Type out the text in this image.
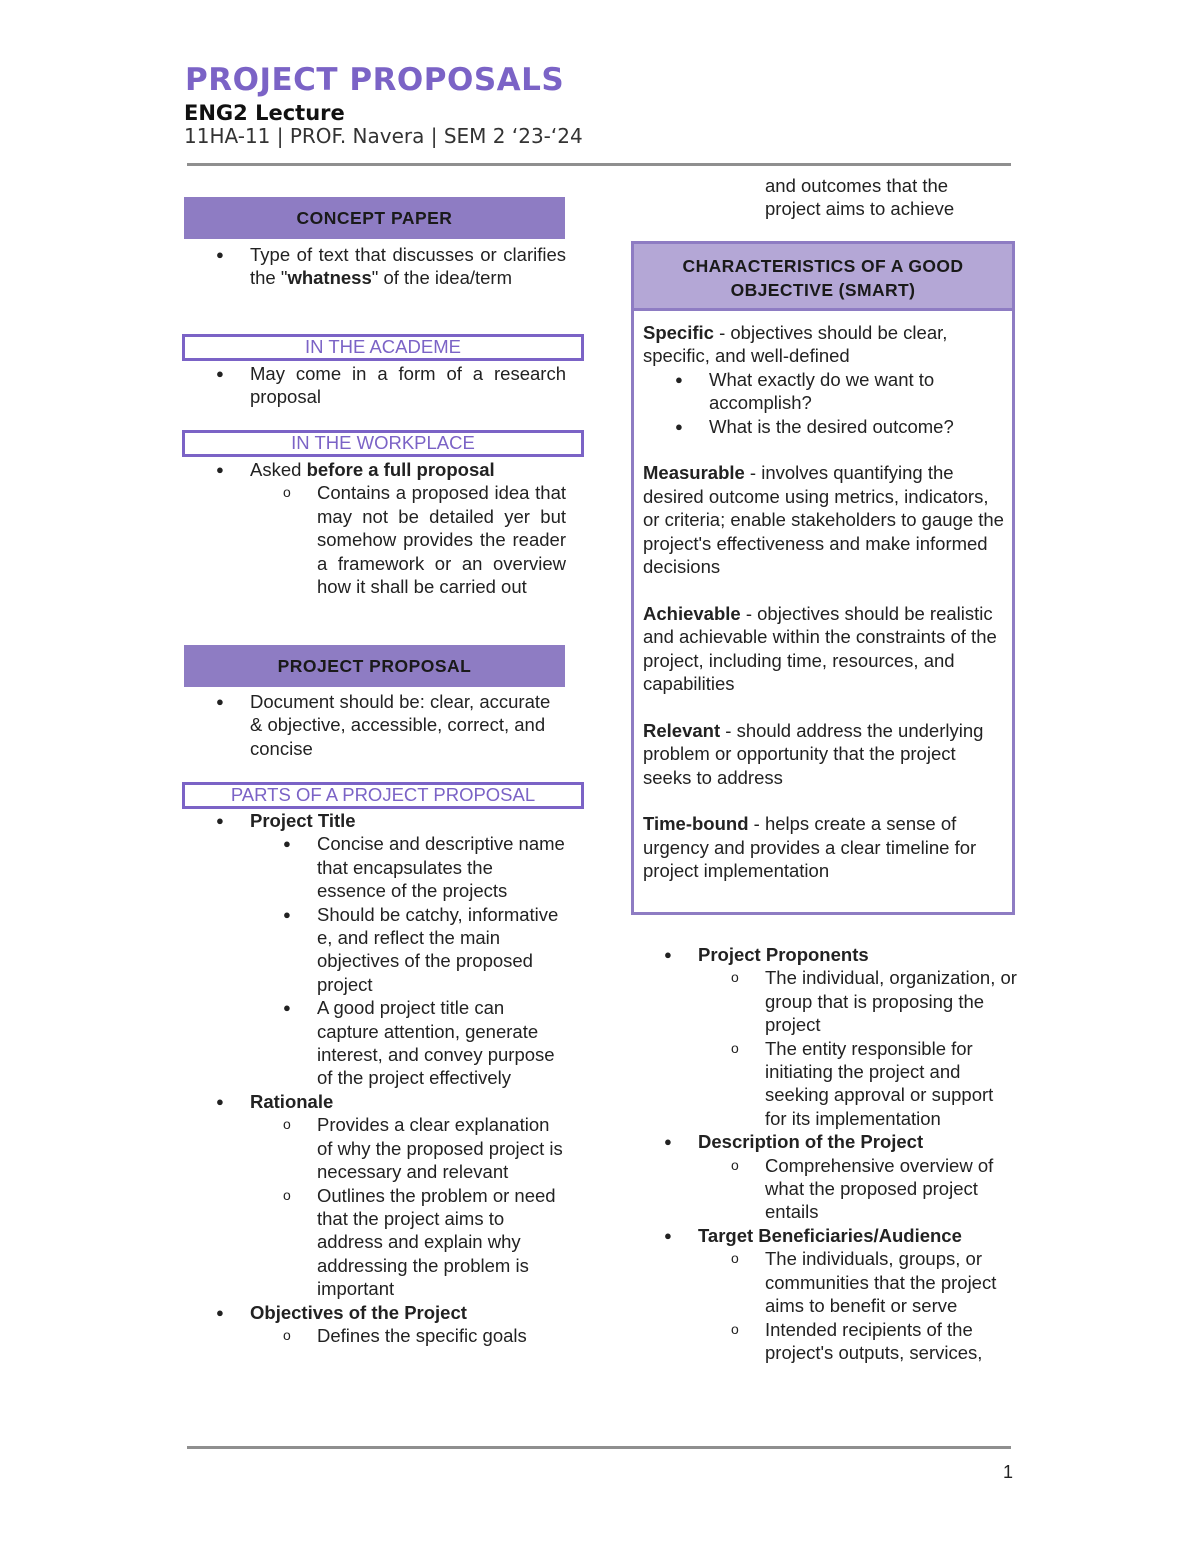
PROJECT PROPOSALS
ENG2 Lecture
11HA-11 | PROF. Navera | SEM 2 ‘23-‘24
CONCEPT PAPER
● Type of text that discusses or clarifies the "whatness" of the idea/term
IN THE ACADEME
● May come in a form of a research proposal
IN THE WORKPLACE
● Asked before a full proposal
o Contains a proposed idea that may not be detailed yer but somehow provides the reader a framework or an overview how it shall be carried out
PROJECT PROPOSAL
● Document should be: clear, accurate & objective, accessible, correct, and concise
PARTS OF A PROJECT PROPOSAL
● Project Title
● Concise and descriptive name that encapsulates the essence of the projects
● Should be catchy, informative e, and reflect the main objectives of the proposed project
● A good project title can capture attention, generate interest, and convey purpose of the project effectively
● Rationale
o Provides a clear explanation of why the proposed project is necessary and relevant
o Outlines the problem or need that the project aims to address and explain why addressing the problem is important
● Objectives of the Project
o Defines the specific goals
and outcomes that the project aims to achieve
CHARACTERISTICS OF A GOOD
OBJECTIVE (SMART)
Specific - objectives should be clear, specific, and well-defined
● What exactly do we want to accomplish?
● What is the desired outcome?

Measurable - involves quantifying the desired outcome using metrics, indicators, or criteria; enable stakeholders to gauge the project's effectiveness and make informed decisions

Achievable - objectives should be realistic and achievable within the constraints of the project, including time, resources, and capabilities

Relevant - should address the underlying problem or opportunity that the project seeks to address

Time-bound - helps create a sense of urgency and provides a clear timeline for project implementation

● Project Proponents
o The individual, organization, or group that is proposing the project
o The entity responsible for initiating the project and seeking approval or support for its implementation
● Description of the Project
o Comprehensive overview of what the proposed project entails
● Target Beneficiaries/Audience
o The individuals, groups, or communities that the project aims to benefit or serve
o Intended recipients of the project's outputs, services,
1
